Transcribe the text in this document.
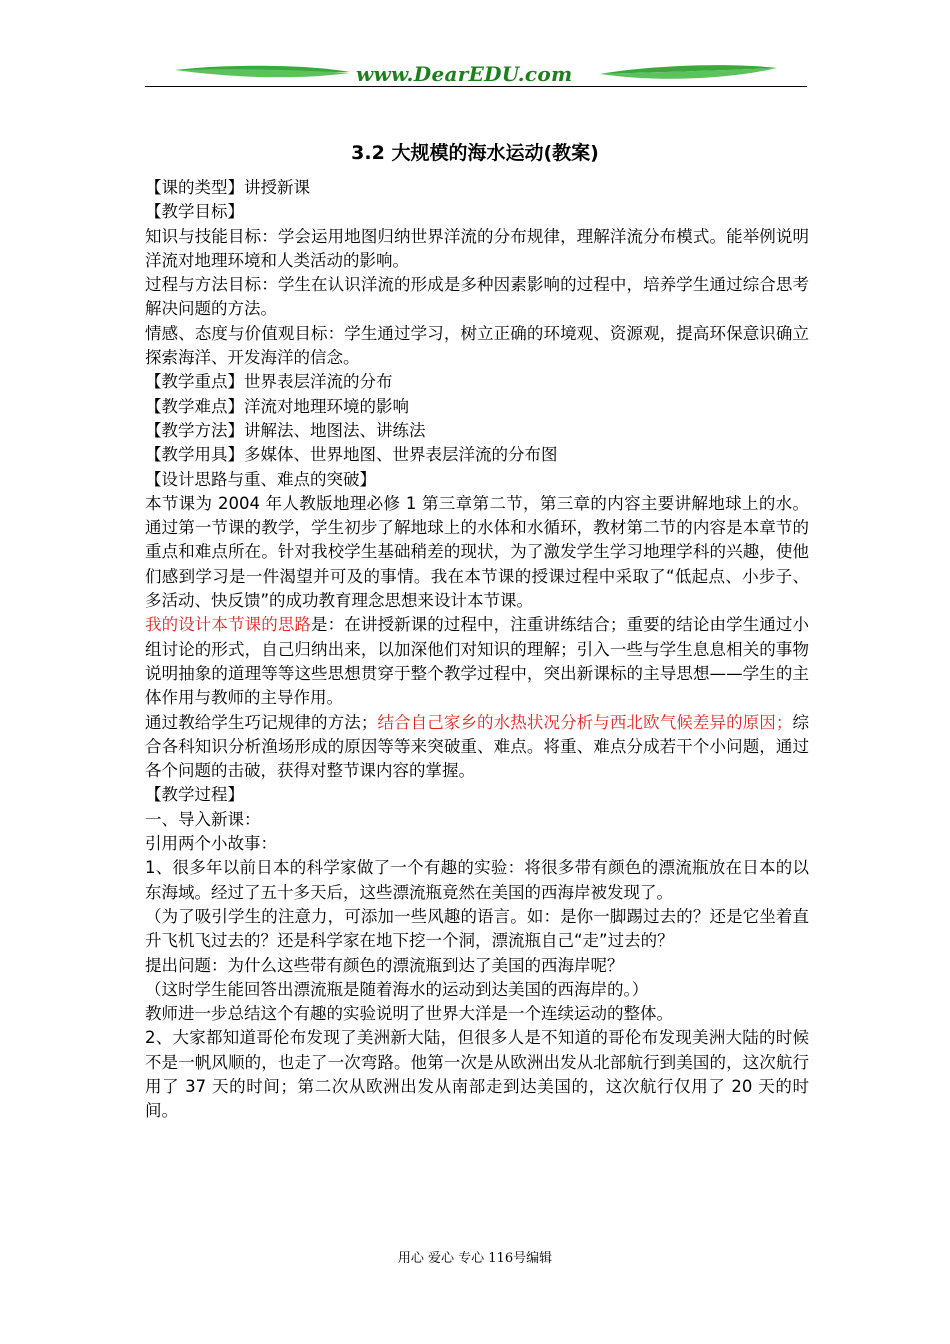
www.DearEDU.com
3.2 大规模的海水运动(教案)

【课的类型】讲授新课

【教学目标】

知识与技能目标：学会运用地图归纳世界洋流的分布规律，理解洋流分布模式。能举例说明洋流对地理环境和人类活动的影响。

过程与方法目标：学生在认识洋流的形成是多种因素影响的过程中，培养学生通过综合思考解决问题的方法。

情感、态度与价值观目标：学生通过学习，树立正确的环境观、资源观，提高环保意识确立探索海洋、开发海洋的信念。

【教学重点】世界表层洋流的分布

【教学难点】洋流对地理环境的影响

【教学方法】讲解法、地图法、讲练法

【教学用具】多媒体、世界地图、世界表层洋流的分布图

【设计思路与重、难点的突破】

本节课为 2004 年人教版地理必修 1 第三章第二节，第三章的内容主要讲解地球上的水。通过第一节课的教学，学生初步了解地球上的水体和水循环，教材第二节的内容是本章节的重点和难点所在。针对我校学生基础稍差的现状，为了激发学生学习地理学科的兴趣，使他们感到学习是一件渴望并可及的事情。我在本节课的授课过程中采取了“低起点、小步子、多活动、快反馈”的成功教育理念思想来设计本节课。

我的设计本节课的思路是：在讲授新课的过程中，注重讲练结合；重要的结论由学生通过小组讨论的形式，自己归纳出来，以加深他们对知识的理解；引入一些与学生息息相关的事物说明抽象的道理等等这些思想贯穿于整个教学过程中，突出新课标的主导思想——学生的主体作用与教师的主导作用。

通过教给学生巧记规律的方法；结合自己家乡的水热状况分析与西北欧气候差异的原因；综合各科知识分析渔场形成的原因等等来突破重、难点。将重、难点分成若干个小问题，通过各个问题的击破，获得对整节课内容的掌握。

【教学过程】

一、导入新课：

引用两个小故事：

1、很多年以前日本的科学家做了一个有趣的实验：将很多带有颜色的漂流瓶放在日本的以东海域。经过了五十多天后，这些漂流瓶竟然在美国的西海岸被发现了。

（为了吸引学生的注意力，可添加一些风趣的语言。如：是你一脚踢过去的？还是它坐着直升飞机飞过去的？还是科学家在地下挖一个洞，漂流瓶自己“走”过去的？

提出问题：为什么这些带有颜色的漂流瓶到达了美国的西海岸呢？

（这时学生能回答出漂流瓶是随着海水的运动到达美国的西海岸的。）

教师进一步总结这个有趣的实验说明了世界大洋是一个连续运动的整体。

2、大家都知道哥伦布发现了美洲新大陆，但很多人是不知道的哥伦布发现美洲大陆的时候不是一帆风顺的，也走了一次弯路。他第一次是从欧洲出发从北部航行到美国的，这次航行用了 37 天的时间；第二次从欧洲出发从南部走到达美国的，这次航行仅用了 20 天的时间。

用心 爱心 专心 116号编辑
